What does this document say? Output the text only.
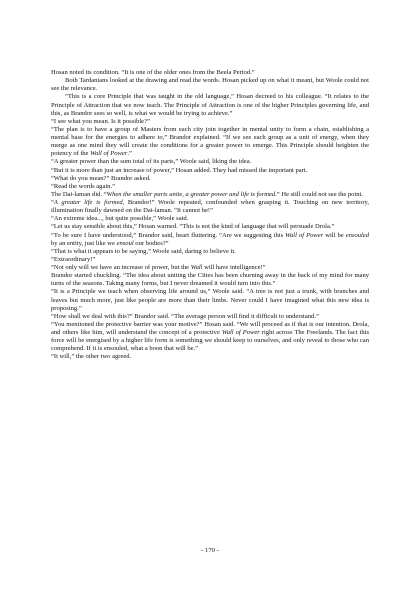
Hosan noted its condition. “It is one of the older ones from the Beela Period.”

Both Tardanians looked at the drawing and read the words. Hosan picked up on what it meant, but Woole could not see the relevance.

“This is a core Principle that was taught in the old language,” Hosan decreed to his colleague. “It relates to the Principle of Attraction that we now teach. The Principle of Attraction is one of the higher Principles governing life, and this, as Brandor sees so well, is what we would be trying to achieve.”

“I see what you mean. Is it possible?”

“The plan is to have a group of Masters from each city join together in mental unity to form a chain, establishing a mental base for the energies to adhere to,” Brandor explained. “If we see each group as a unit of energy, when they merge as one mind they will create the conditions for a greater power to emerge. This Principle should heighten the potency of the Wall of Power.”

“A greater power than the sum total of its parts,” Woole said, liking the idea.

“But it is more than just an increase of power,” Hosan added. They had missed the important part.

“What do you mean?” Brandor asked.

“Read the words again.”

The Dai-laman did. “When the smaller parts unite, a greater power and life is formed.” He still could not see the point.

“A greater life is formed, Brandor!” Woole repeated, confounded when grasping it. Touching on new territory, illumination finally dawned on the Dai-laman. “It cannot be!”

“An extreme idea..., but quite possible,” Woole said.

“Let us stay sensible about this,” Hosan warned. “This is not the kind of language that will persuade Drola.”

“To be sure I have understood,” Brandor said, heart fluttering. “Are we suggesting this Wall of Power will be ensouled by an entity, just like we ensoul our bodies?”

“That is what it appears to be saying,” Woole said, daring to believe it.

“Extraordinary!”

“Not only will we have an increase of power, but the Wall will have intelligence!”

Brandor started chuckling. “The idea about uniting the Cities has been churning away in the back of my mind for many turns of the seasons. Taking many forms, but I never dreamed it would turn into this.”

“It is a Principle we teach when observing life around us,” Woole said. “A tree is not just a trunk, with branches and leaves but much more, just like people are more than their limbs. Never could I have imagined what this new idea is proposing.”

“How shall we deal with this?” Brandor said. “The average person will find it difficult to understand.”

“You mentioned the protective barrier was your motive?” Hosan said. “We will proceed as if that is our intention. Drola, and others like him, will understand the concept of a protective Wall of Power right across The Freelands. The fact this force will be energised by a higher life form is something we should keep to ourselves, and only reveal to those who can comprehend. If it is ensouled, what a boon that will be.”

“It will,” the other two agreed.

- 170 -
